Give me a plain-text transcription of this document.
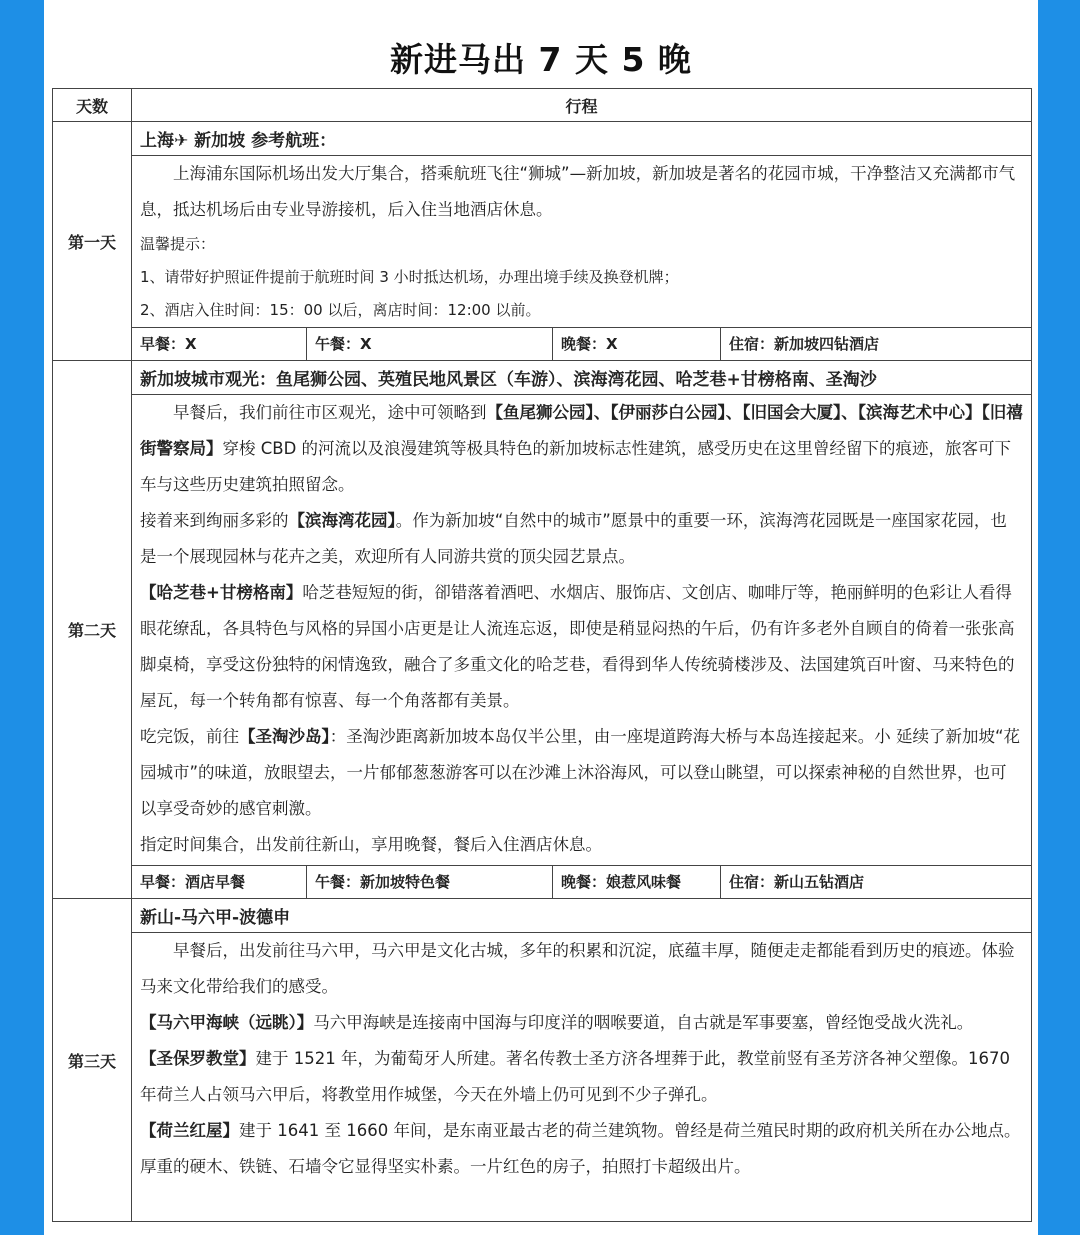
新进马出 7 天 5 晚
天数	行程
第一天	上海✈ 新加坡 参考航班：

	上海浦东国际机场出发大厅集合，搭乘航班飞往“狮城”—新加坡，新加坡是著名的花园市城，干净整洁又充满都市气息，抵达机场后由专业导游接机，后入住当地酒店休息。

温馨提示：

1、请带好护照证件提前于航班时间 3 小时抵达机场，办理出境手续及换登机牌；

2、酒店入住时间：15：00 以后，离店时间：12:00 以前。

	早餐：X 午餐：X 晚餐：X 住宿：新加坡四钻酒店

第二天	新加坡城市观光：鱼尾狮公园、英殖民地风景区（车游）、滨海湾花园、哈芝巷+甘榜格南、圣淘沙

	早餐后，我们前往市区观光，途中可领略到【鱼尾狮公园】、【伊丽莎白公园】、【旧国会大厦】、【滨海艺术中心】【旧禧街警察局】穿梭 CBD 的河流以及浪漫建筑等极具特色的新加坡标志性建筑，感受历史在这里曾经留下的痕迹，旅客可下车与这些历史建筑拍照留念。

接着来到绚丽多彩的【滨海湾花园】。作为新加坡“自然中的城市”愿景中的重要一环，滨海湾花园既是一座国家花园，也是一个展现园林与花卉之美，欢迎所有人同游共赏的顶尖园艺景点。

【哈芝巷+甘榜格南】哈芝巷短短的街，卻错落着酒吧、水烟店、服饰店、文创店、咖啡厅等，艳丽鲜明的色彩让人看得眼花缭乱，各具特色与风格的异国小店更是让人流连忘返，即使是稍显闷热的午后，仍有许多老外自顾自的倚着一张张高脚桌椅，享受这份独特的闲情逸致，融合了多重文化的哈芝巷，看得到华人传统骑楼涉及、法国建筑百叶窗、马来特色的屋瓦，每一个转角都有惊喜、每一个角落都有美景。

吃完饭，前往【圣淘沙岛】：圣淘沙距离新加坡本岛仅半公里，由一座堤道跨海大桥与本岛连接起来。小 延续了新加坡“花园城市”的味道，放眼望去，一片郁郁葱葱游客可以在沙滩上沐浴海风，可以登山眺望，可以探索神秘的自然世界，也可以享受奇妙的感官刺激。

指定时间集合，出发前往新山，享用晚餐，餐后入住酒店休息。

	早餐：酒店早餐 午餐：新加坡特色餐 晚餐：娘惹风味餐 住宿：新山五钻酒店

第三天	新山-马六甲-波德申

	早餐后，出发前往马六甲，马六甲是文化古城，多年的积累和沉淀，底蕴丰厚，随便走走都能看到历史的痕迹。体验马来文化带给我们的感受。

【马六甲海峡（远眺）】马六甲海峡是连接南中国海与印度洋的咽喉要道，自古就是军事要塞，曾经饱受战火洗礼。

【圣保罗教堂】建于 1521 年，为葡萄牙人所建。著名传教士圣方济各埋葬于此，教堂前竖有圣芳济各神父塑像。1670 年荷兰人占领马六甲后，将教堂用作城堡，今天在外墙上仍可见到不少子弹孔。

【荷兰红屋】建于 1641 至 1660 年间，是东南亚最古老的荷兰建筑物。曾经是荷兰殖民时期的政府机关所在办公地点。厚重的硬木、铁链、石墙令它显得坚实朴素。一片红色的房子，拍照打卡超级出片。
